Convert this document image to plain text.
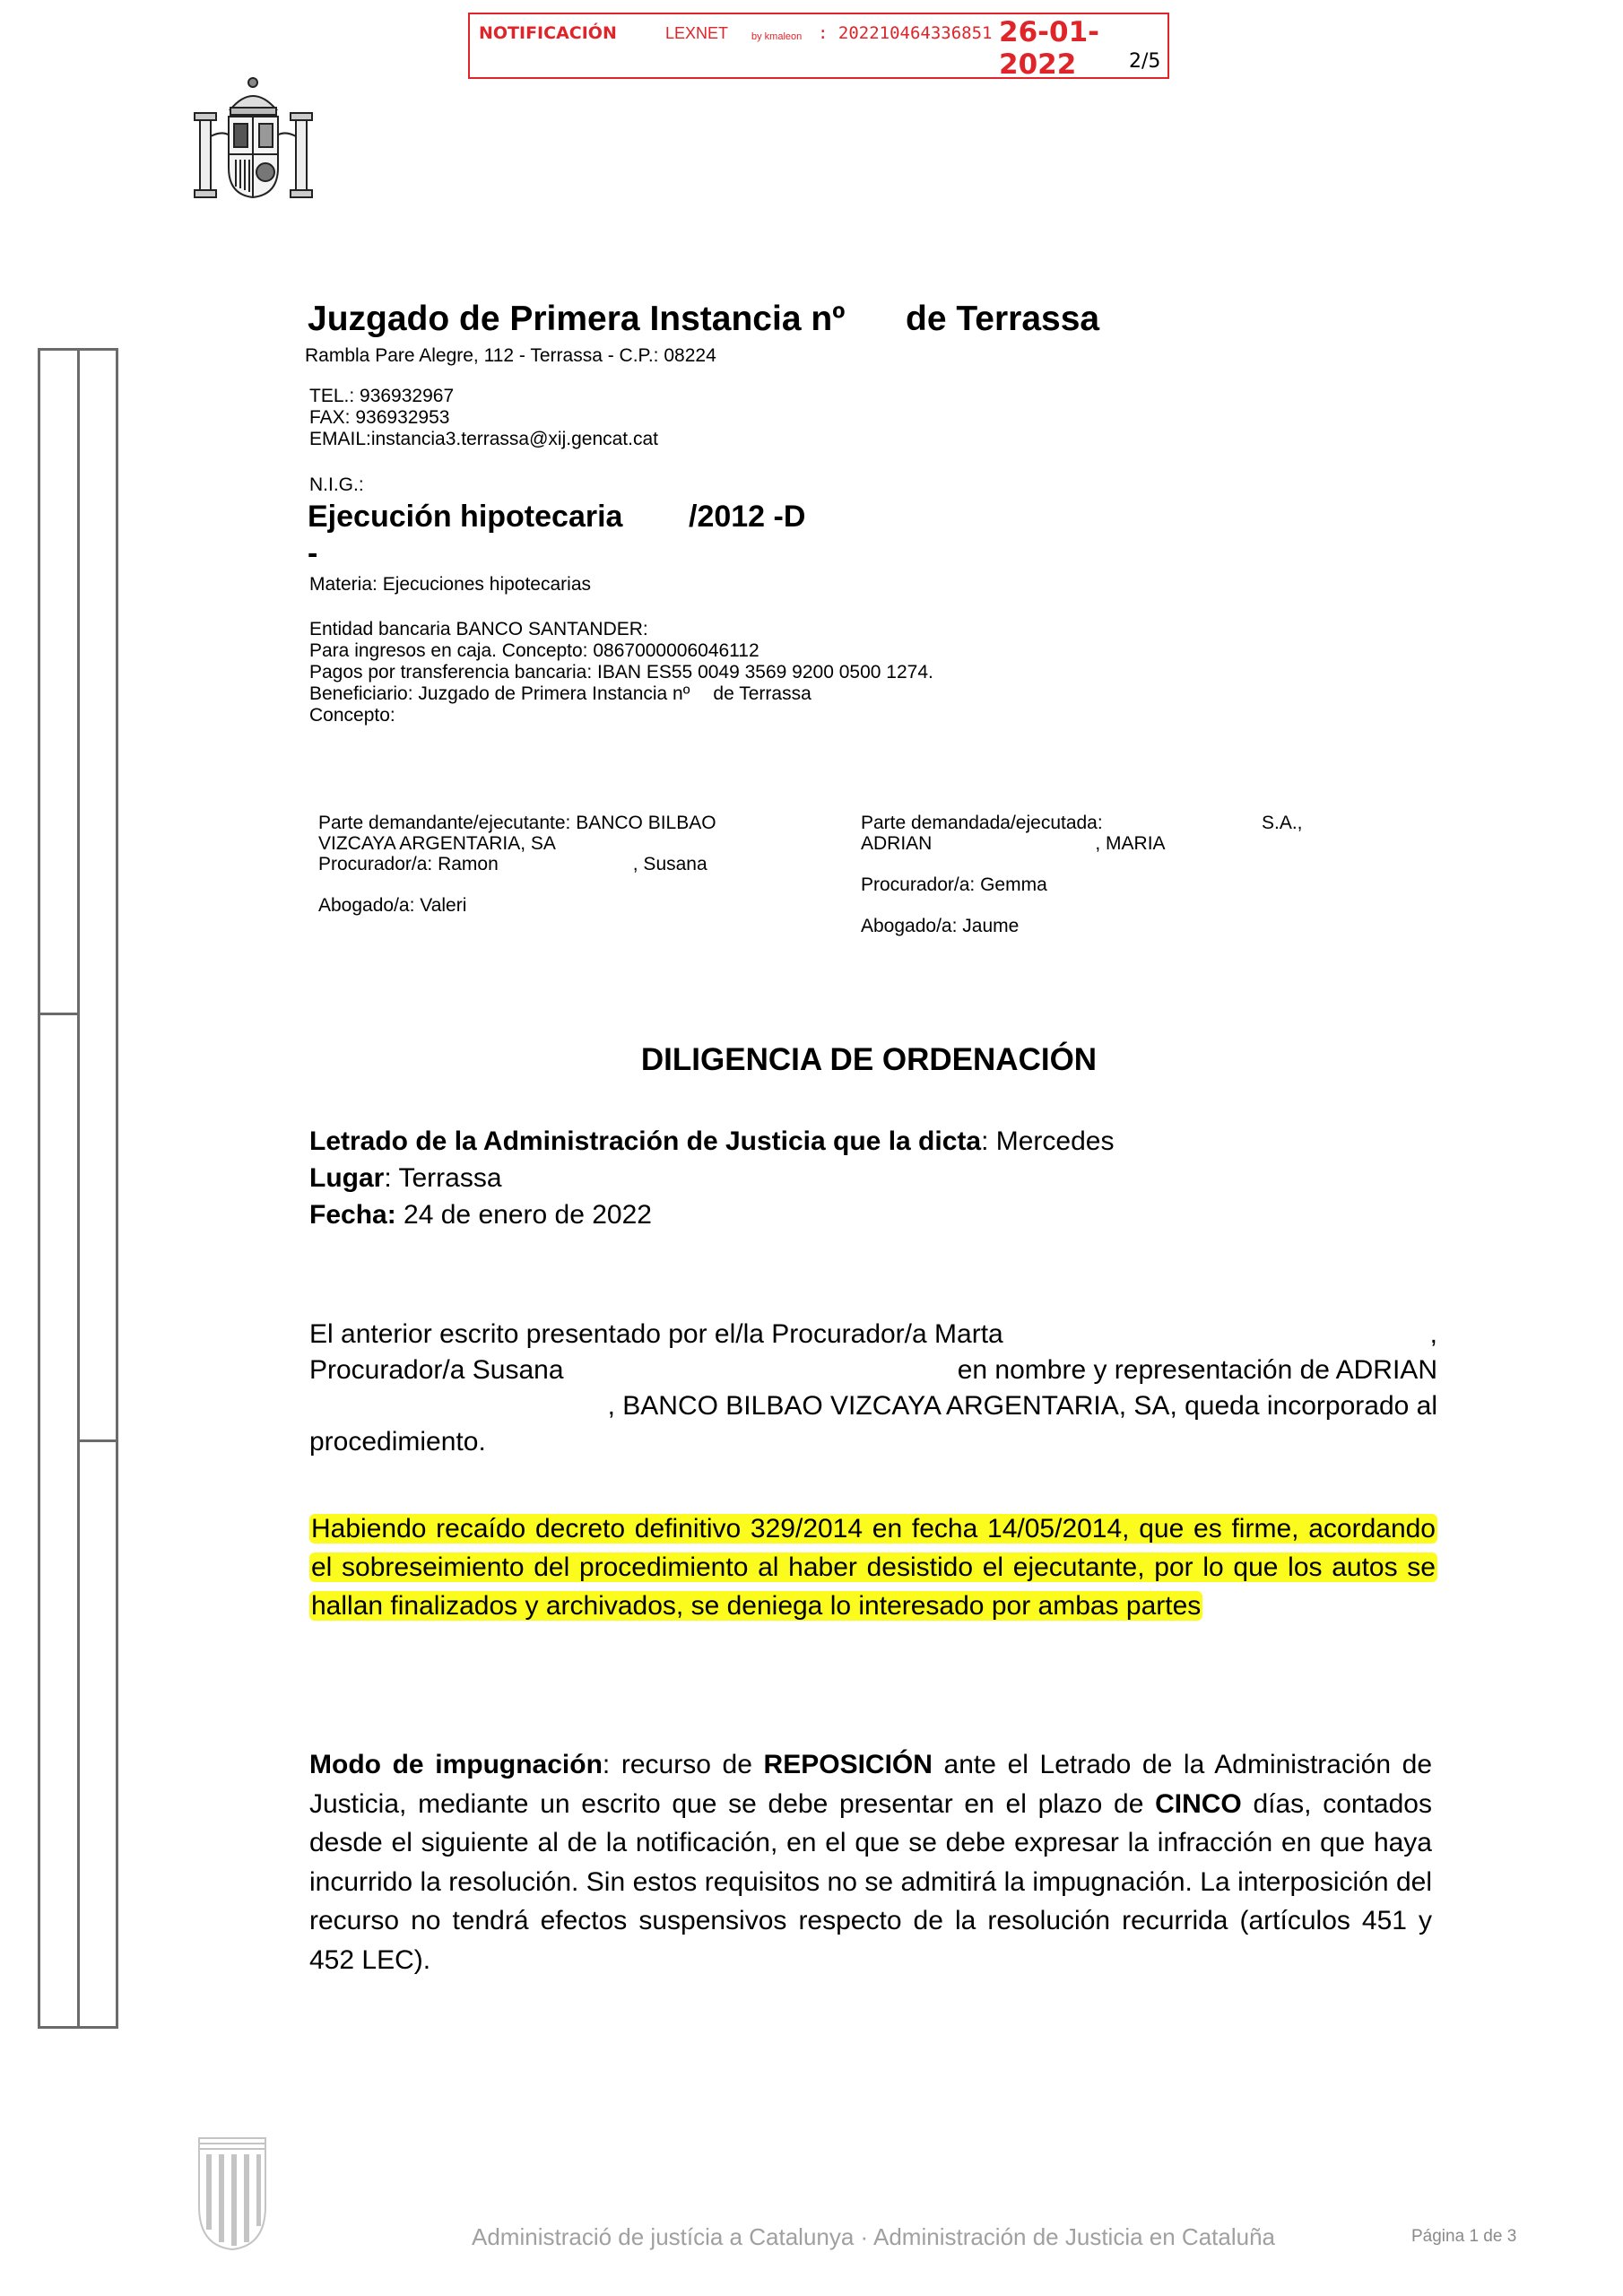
NOTIFICACIÓN	LEXNET by kmaleon : 202210464336851 26-01-2022	2/5
Juzgado de Primera Instancia nº de Terrassa
Rambla Pare Alegre, 112 - Terrassa - C.P.: 08224
TEL.: 936932967
FAX: 936932953
EMAIL:instancia3.terrassa@xij.gencat.cat
N.I.G.:
Ejecución hipotecaria /2012 -D
-
Materia: Ejecuciones hipotecarias
Entidad bancaria BANCO SANTANDER:
Para ingresos en caja. Concepto: 0867000006046112
Pagos por transferencia bancaria: IBAN ES55 0049 3569 9200 0500 1274.
Beneficiario: Juzgado de Primera Instancia nº de Terrassa
Concepto:
Parte demandante/ejecutante: BANCO BILBAO
VIZCAYA ARGENTARIA, SA
Procurador/a: Ramon	, Susana
Abogado/a: Valeri
Parte demandada/ejecutada:	S.A.,
ADRIAN	, MARIA
Procurador/a: Gemma
Abogado/a: Jaume
DILIGENCIA DE ORDENACIÓN
Letrado de la Administración de Justicia que la dicta: Mercedes
Lugar: Terrassa
Fecha: 24 de enero de 2022
El anterior escrito presentado por el/la Procurador/a Marta	,
Procurador/a Susana	en nombre y representación de ADRIAN
, BANCO BILBAO VIZCAYA ARGENTARIA, SA, queda incorporado al
procedimiento.
Habiendo recaído decreto definitivo 329/2014 en fecha 14/05/2014, que es firme, acordando el sobreseimiento del procedimiento al haber desistido el ejecutante, por lo que los autos se hallan finalizados y archivados, se deniega lo interesado por ambas partes
Modo de impugnación: recurso de REPOSICIÓN ante el Letrado de la Administración de Justicia, mediante un escrito que se debe presentar en el plazo de CINCO días, contados desde el siguiente al de la notificación, en el que se debe expresar la infracción en que haya incurrido la resolución. Sin estos requisitos no se admitirá la impugnación. La interposición del recurso no tendrá efectos suspensivos respecto de la resolución recurrida (artículos 451 y 452 LEC).
Administració de justícia a Catalunya · Administración de Justicia en Cataluña	Página 1 de 3
